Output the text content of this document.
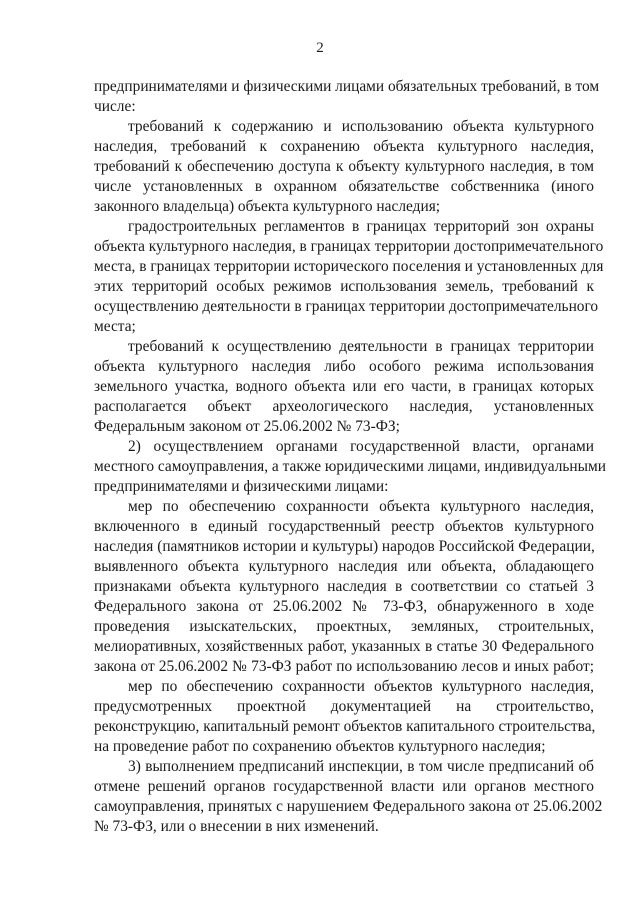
2
предпринимателями и физическими лицами обязательных требований, в том
числе:
требований к содержанию и использованию объекта культурного
наследия, требований к сохранению объекта культурного наследия,
требований к обеспечению доступа к объекту культурного наследия, в том
числе установленных в охранном обязательстве собственника (иного
законного владельца) объекта культурного наследия;
градостроительных регламентов в границах территорий зон охраны
объекта культурного наследия, в границах территории достопримечательного
места, в границах территории исторического поселения и установленных для
этих территорий особых режимов использования земель, требований к
осуществлению деятельности в границах территории достопримечательного
места;
требований к осуществлению деятельности в границах территории
объекта культурного наследия либо особого режима использования
земельного участка, водного объекта или его части, в границах которых
располагается объект археологического наследия, установленных
Федеральным законом от 25.06.2002 № 73-ФЗ;
2) осуществлением органами государственной власти, органами
местного самоуправления, а также юридическими лицами, индивидуальными
предпринимателями и физическими лицами:
мер по обеспечению сохранности объекта культурного наследия,
включенного в единый государственный реестр объектов культурного
наследия (памятников истории и культуры) народов Российской Федерации,
выявленного объекта культурного наследия или объекта, обладающего
признаками объекта культурного наследия в соответствии со статьей 3
Федерального закона от 25.06.2002 № 73-ФЗ, обнаруженного в ходе
проведения изыскательских, проектных, земляных, строительных,
мелиоративных, хозяйственных работ, указанных в статье 30 Федерального
закона от 25.06.2002 № 73-ФЗ работ по использованию лесов и иных работ;
мер по обеспечению сохранности объектов культурного наследия,
предусмотренных проектной документацией на строительство,
реконструкцию, капитальный ремонт объектов капитального строительства,
на проведение работ по сохранению объектов культурного наследия;
3) выполнением предписаний инспекции, в том числе предписаний об
отмене решений органов государственной власти или органов местного
самоуправления, принятых с нарушением Федерального закона от 25.06.2002
№ 73-ФЗ, или о внесении в них изменений.
